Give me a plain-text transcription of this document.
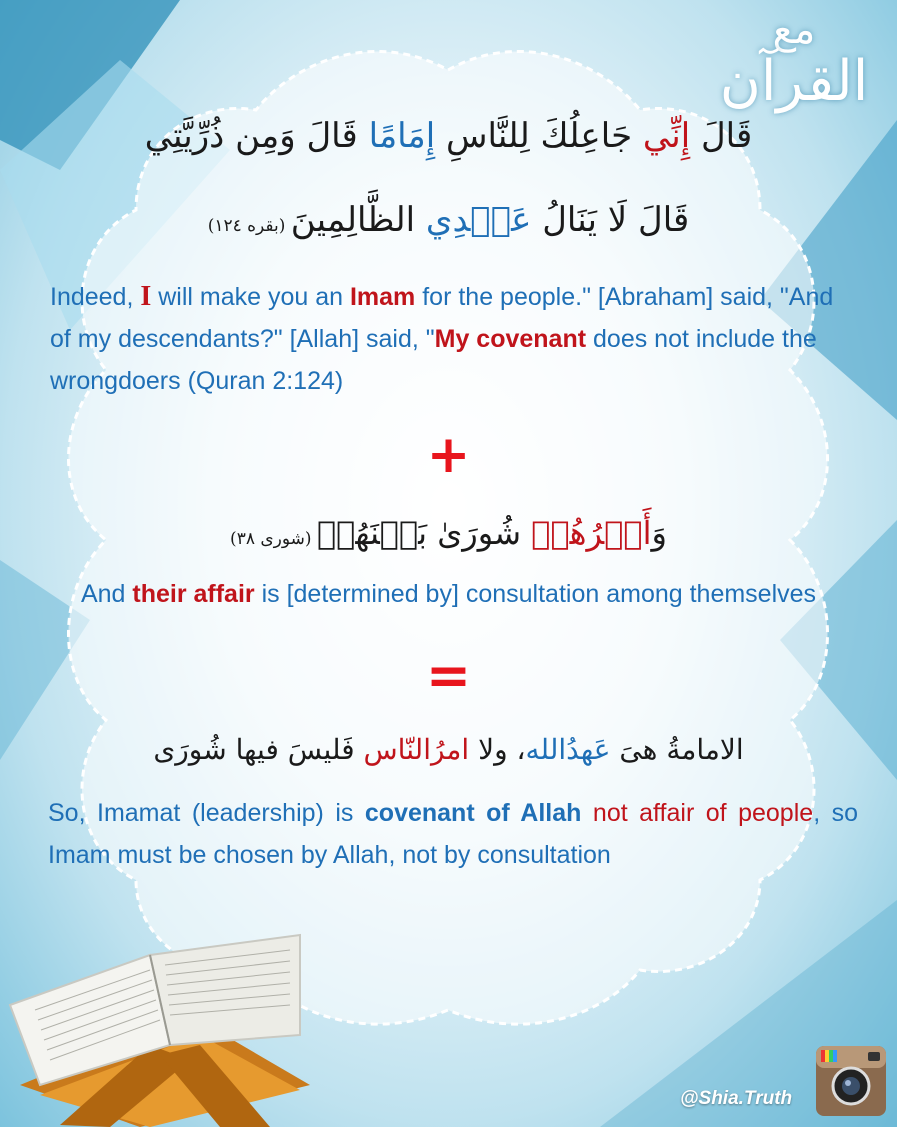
مع
القرآن
قَالَ إِنِّي جَاعِلُكَ لِلنَّاسِ إِمَامًا قَالَ وَمِن ذُرِّيَّتِي
قَالَ لَا يَنَالُ عَهۡدِي الظَّالِمِينَ (بقره ١٢٤)
Indeed, I will make you an Imam for the people." [Abraham] said, "And of my descendants?" [Allah] said, "My covenant does not include the wrongdoers (Quran 2:124)
+
وَأَمۡرُهُمۡ شُورَىٰ بَيۡنَهُمۡ (شوری ٣٨)
And their affair is [determined by] consultation among themselves
=
الامامةُ هیَ عَهدُالله، ولا امرُالنّاس فَلیسَ فیها شُورَی
So, Imamat (leadership) is covenant of Allah not affair of people, so Imam must be chosen by Allah, not by consultation
@Shia.Truth
